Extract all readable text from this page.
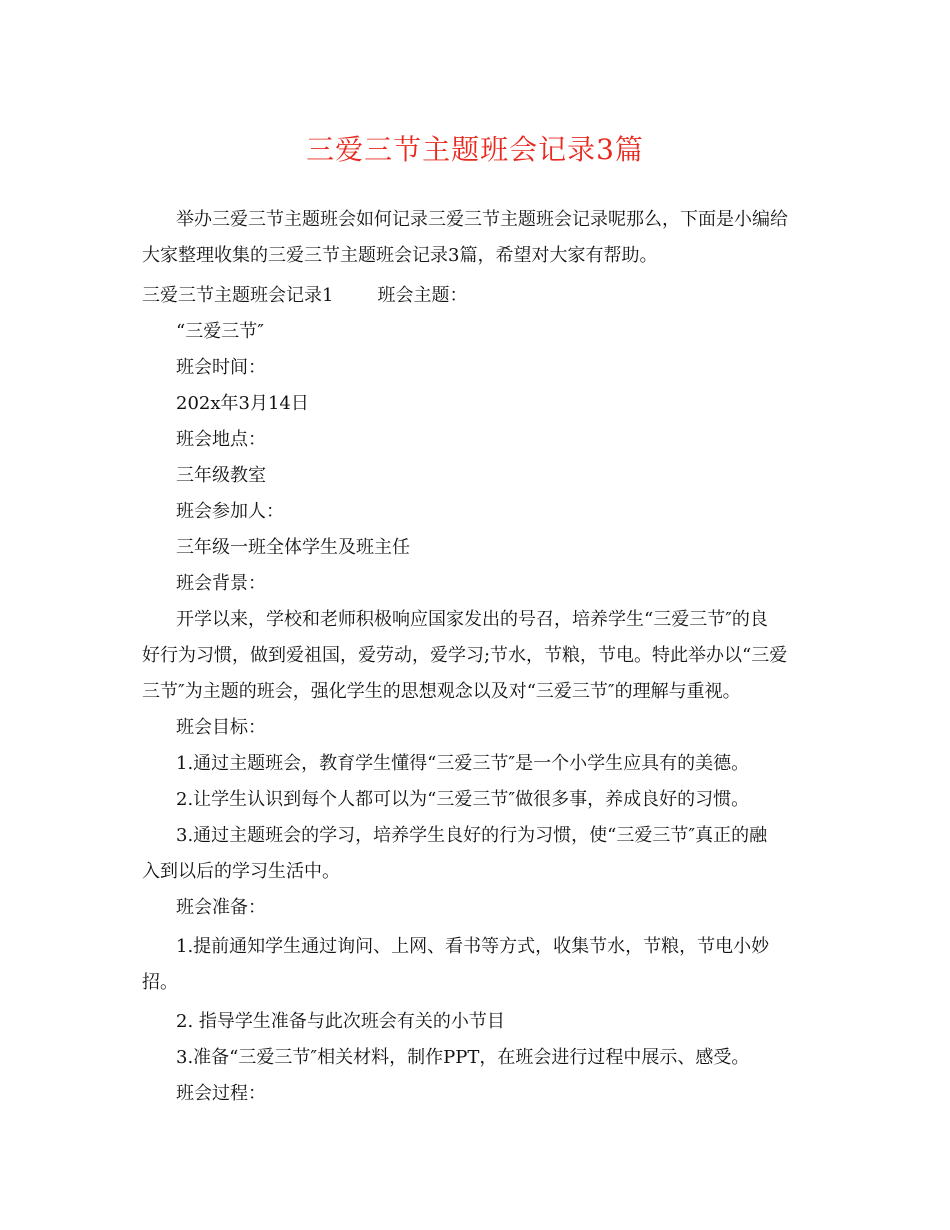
三爱三节主题班会记录3篇
举办三爱三节主题班会如何记录三爱三节主题班会记录呢那么，下面是小编给
大家整理收集的三爱三节主题班会记录3篇，希望对大家有帮助。
三爱三节主题班会记录1 班会主题：
“三爱三节″
班会时间：
202x年3月14日
班会地点：
三年级教室
班会参加人：
三年级一班全体学生及班主任
班会背景：
开学以来，学校和老师积极响应国家发出的号召，培养学生“三爱三节″的良
好行为习惯，做到爱祖国，爱劳动，爱学习;节水，节粮，节电。特此举办以“三爱
三节″为主题的班会，强化学生的思想观念以及对“三爱三节″的理解与重视。
班会目标：
1.通过主题班会，教育学生懂得“三爱三节″是一个小学生应具有的美德。
2.让学生认识到每个人都可以为“三爱三节″做很多事，养成良好的习惯。
3.通过主题班会的学习，培养学生良好的行为习惯，使“三爱三节″真正的融
入到以后的学习生活中。
班会准备：
1.提前通知学生通过询问、上网、看书等方式，收集节水，节粮，节电小妙
招。
2. 指导学生准备与此次班会有关的小节目
3.准备“三爱三节″相关材料，制作PPT，在班会进行过程中展示、感受。
班会过程：
